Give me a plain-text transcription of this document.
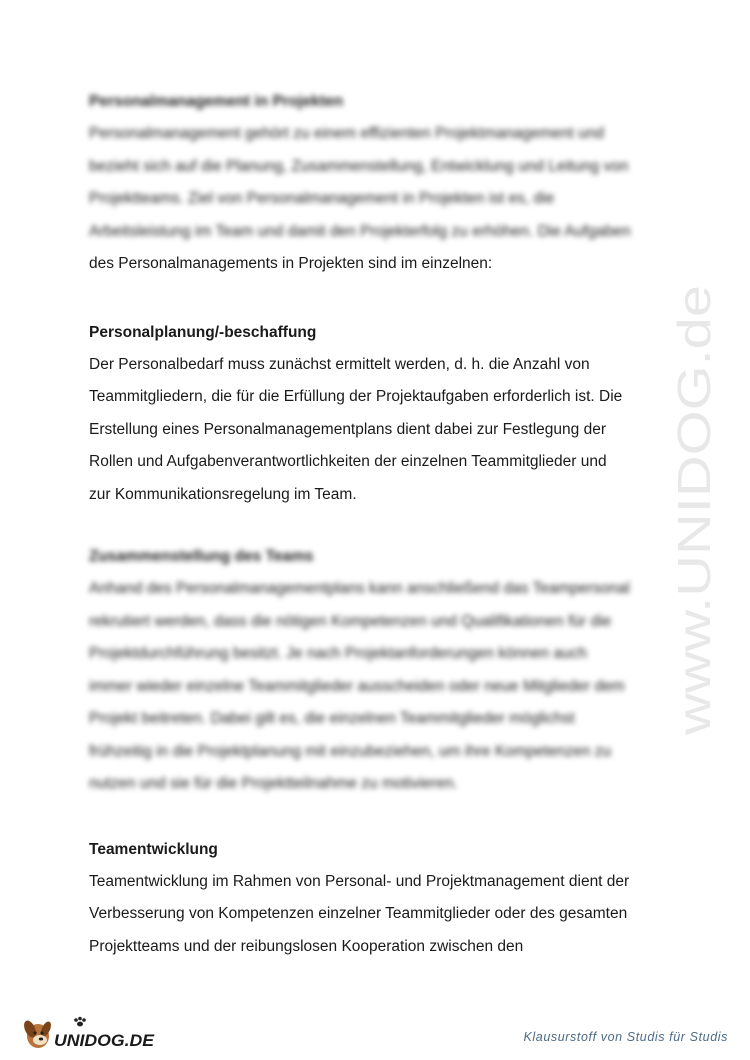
Personalmanagement in Projekten
Personalmanagement gehört zu einem effizienten Projektmanagement und
bezieht sich auf die Planung, Zusammenstellung, Entwicklung und Leitung von
Projektteams. Ziel von Personalmanagement in Projekten ist es, die
Arbeitsleistung im Team und damit den Projekterfolg zu erhöhen. Die Aufgaben
des Personalmanagements in Projekten sind im einzelnen:
Personalplanung/-beschaffung
Der Personalbedarf muss zunächst ermittelt werden, d. h. die Anzahl von
Teammitgliedern, die für die Erfüllung der Projektaufgaben erforderlich ist. Die
Erstellung eines Personalmanagementplans dient dabei zur Festlegung der
Rollen und Aufgabenverantwortlichkeiten der einzelnen Teammitglieder und
zur Kommunikationsregelung im Team.
Zusammenstellung des Teams
Anhand des Personalmanagementplans kann anschließend das Teampersonal
rekrutiert werden, dass die nötigen Kompetenzen und Qualifikationen für die
Projektdurchführung besitzt. Je nach Projektanforderungen können auch
immer wieder einzelne Teammitglieder ausscheiden oder neue Mitglieder dem
Projekt beitreten. Dabei gilt es, die einzelnen Teammitglieder möglichst
frühzeitig in die Projektplanung mit einzubeziehen, um ihre Kompetenzen zu
nutzen und sie für die Projektteilnahme zu motivieren.
Teamentwicklung
Teamentwicklung im Rahmen von Personal- und Projektmanagement dient der
Verbesserung von Kompetenzen einzelner Teammitglieder oder des gesamten
Projektteams und der reibungslosen Kooperation zwischen den
www.UNIDOG.de
UNIDOG.DE	Klausurstoff von Studis für Studis
